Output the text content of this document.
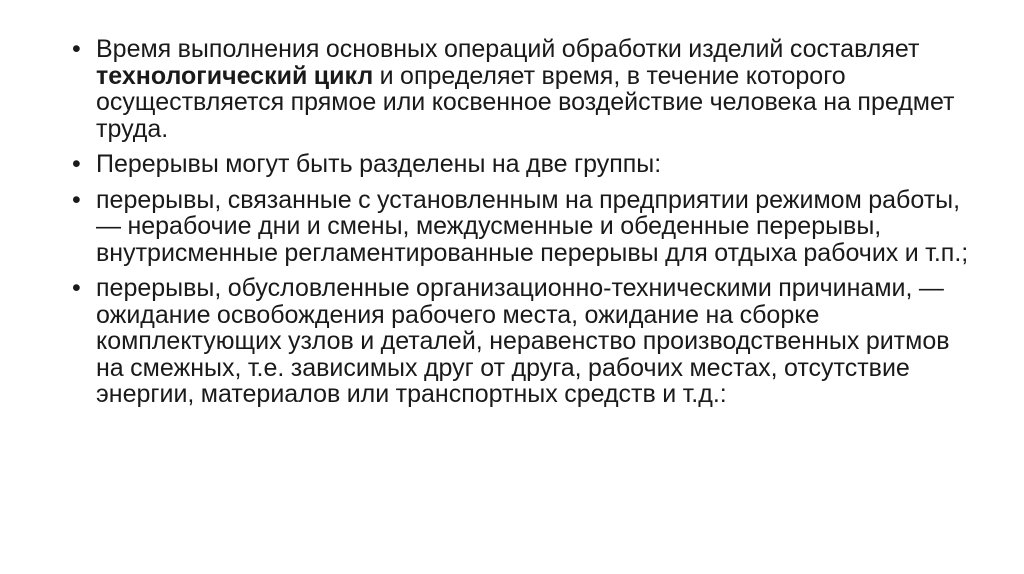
• Время выполнения основных операций обработки изделий составляет технологический цикл и определяет время, в течение которого осуществляется прямое или косвенное воздействие человека на предмет труда.
• Перерывы могут быть разделены на две группы:
• перерывы, связанные с установленным на предприятии режимом работы, — нерабочие дни и смены, междусменные и обеденные перерывы, внутрисменные регламентированные перерывы для отдыха рабочих и т.п.;
• перерывы, обусловленные организационно-техническими причинами, — ожидание освобождения рабочего места, ожидание на сборке комплектующих узлов и деталей, неравенство производственных ритмов на смежных, т.е. зависимых друг от друга, рабочих местах, отсутствие энергии, материалов или транспортных средств и т.д.:
